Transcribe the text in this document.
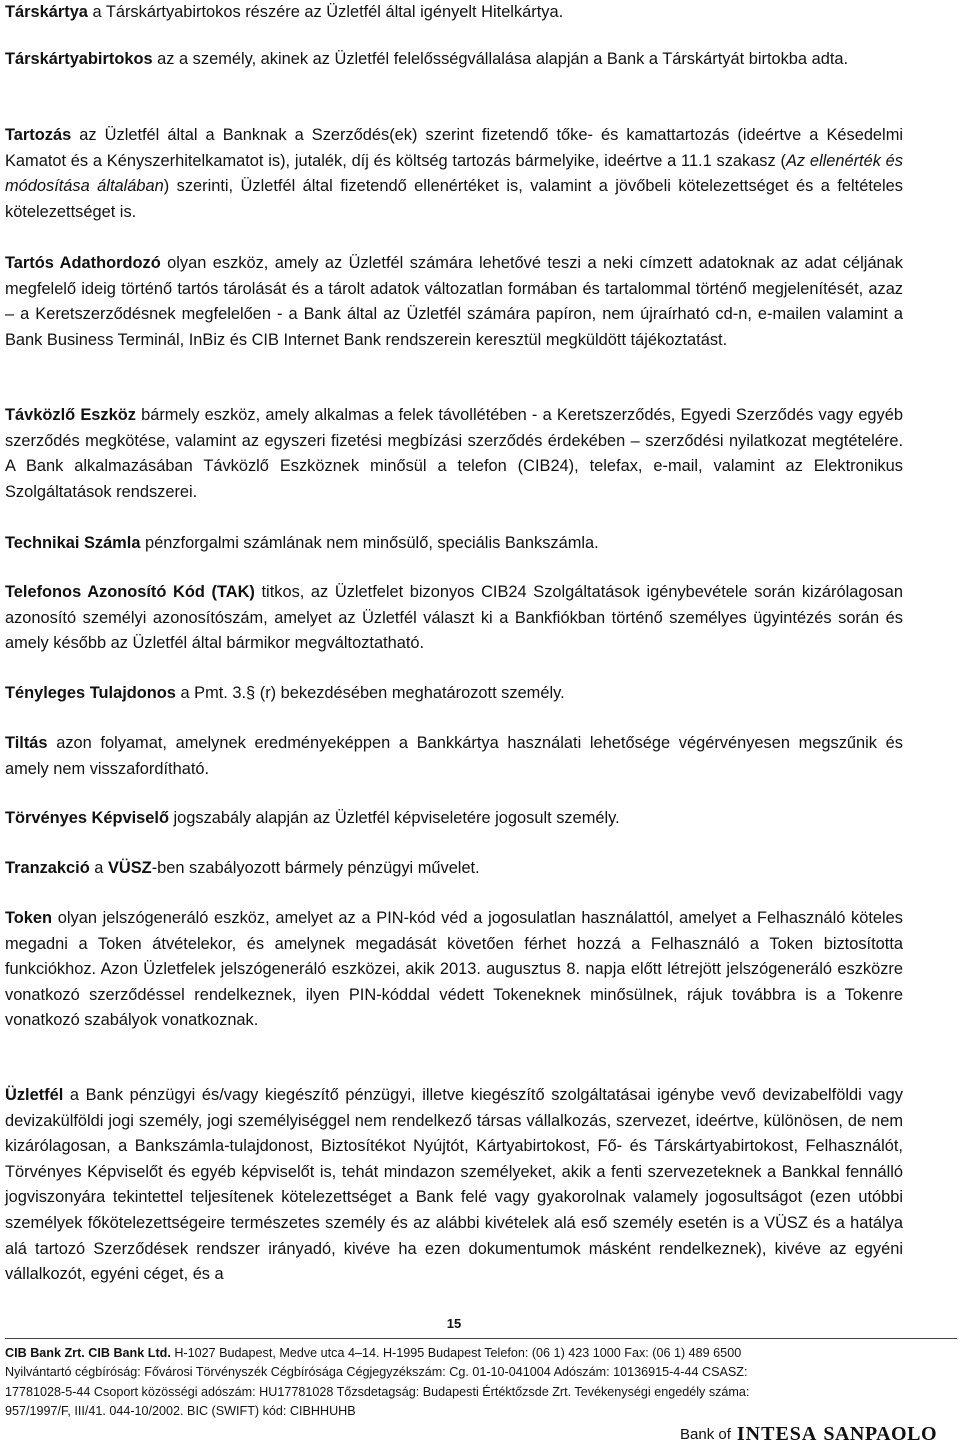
Társkártya a Társkártyabirtokos részére az Üzletfél által igényelt Hitelkártya.

Társkártyabirtokos az a személy, akinek az Üzletfél felelősségvállalása alapján a Bank a Társkártyát birtokba adta.

Tartozás az Üzletfél által a Banknak a Szerződés(ek) szerint fizetendő tőke- és kamattartozás (ideértve a Késedelmi Kamatot és a Kényszerhitelkamatot is), jutalék, díj és költség tartozás bármelyike, ideértve a 11.1 szakasz (Az ellenérték és módosítása általában) szerinti, Üzletfél által fizetendő ellenértéket is, valamint a jövőbeli kötelezettséget és a feltételes kötelezettséget is.

Tartós Adathordozó olyan eszköz, amely az Üzletfél számára lehetővé teszi a neki címzett adatoknak az adat céljának megfelelő ideig történő tartós tárolását és a tárolt adatok változatlan formában és tartalommal történő megjelenítését, azaz – a Keretszerződésnek megfelelően - a Bank által az Üzletfél számára papíron, nem újraírható cd-n, e-mailen valamint a Bank Business Terminál, InBiz és CIB Internet Bank rendszerein keresztül megküldött tájékoztatást.

Távközlő Eszköz bármely eszköz, amely alkalmas a felek távollétében - a Keretszerződés, Egyedi Szerződés vagy egyéb szerződés megkötése, valamint az egyszeri fizetési megbízási szerződés érdekében – szerződési nyilatkozat megtételére. A Bank alkalmazásában Távközlő Eszköznek minősül a telefon (CIB24), telefax, e-mail, valamint az Elektronikus Szolgáltatások rendszerei.

Technikai Számla pénzforgalmi számlának nem minősülő, speciális Bankszámla.

Telefonos Azonosító Kód (TAK) titkos, az Üzletfelet bizonyos CIB24 Szolgáltatások igénybevétele során kizárólagosan azonosító személyi azonosítószám, amelyet az Üzletfél választ ki a Bankfiókban történő személyes ügyintézés során és amely később az Üzletfél által bármikor megváltoztatható.

Tényleges Tulajdonos a Pmt. 3.§ (r) bekezdésében meghatározott személy.

Tiltás azon folyamat, amelynek eredményeképpen a Bankkártya használati lehetősége végérvényesen megszűnik és amely nem visszafordítható.

Törvényes Képviselő jogszabály alapján az Üzletfél képviseletére jogosult személy.

Tranzakció a VÜSZ-ben szabályozott bármely pénzügyi művelet.

Token olyan jelszógeneráló eszköz, amelyet az a PIN-kód véd a jogosulatlan használattól, amelyet a Felhasználó köteles megadni a Token átvételekor, és amelynek megadását követően férhet hozzá a Felhasználó a Token biztosította funkciókhoz. Azon Üzletfelek jelszógeneráló eszközei, akik 2013. augusztus 8. napja előtt létrejött jelszógeneráló eszközre vonatkozó szerződéssel rendelkeznek, ilyen PIN-kóddal védett Tokeneknek minősülnek, rájuk továbbra is a Tokenre vonatkozó szabályok vonatkoznak.

Üzletfél a Bank pénzügyi és/vagy kiegészítő pénzügyi, illetve kiegészítő szolgáltatásai igénybe vevő devizabelföldi vagy devizakülföldi jogi személy, jogi személyiséggel nem rendelkező társas vállalkozás, szervezet, ideértve, különösen, de nem kizárólagosan, a Bankszámla-tulajdonost, Biztosítékot Nyújtót, Kártyabirtokost, Fő- és Társkártyabirtokost, Felhasználót, Törvényes Képviselőt és egyéb képviselőt is, tehát mindazon személyeket, akik a fenti szervezeteknek a Bankkal fennálló jogviszonyára tekintettel teljesítenek kötelezettséget a Bank felé vagy gyakorolnak valamely jogosultságot (ezen utóbbi személyek főkötelezettségeire természetes személy és az alábbi kivételek alá eső személy esetén is a VÜSZ és a hatálya alá tartozó Szerződések rendszer irányadó, kivéve ha ezen dokumentumok másként rendelkeznek), kivéve az egyéni vállalkozót, egyéni céget, és a

15
CIB Bank Zrt. CIB Bank Ltd. H-1027 Budapest, Medve utca 4–14. H-1995 Budapest Telefon: (06 1) 423 1000 Fax: (06 1) 489 6500
Nyilvántartó cégbíróság: Fővárosi Törvényszék Cégbírósága Cégjegyzékszám: Cg. 01-10-041004 Adószám: 10136915-4-44 CSASZ:
17781028-5-44 Csoport közösségi adószám: HU17781028 Tőzsdetagság: Budapesti Értéktőzsde Zrt. Tevékenységi engedély száma:
957/1997/F, III/41. 044-10/2002. BIC (SWIFT) kód: CIBHHUHB
Bank of INTESA SANPAOLO
